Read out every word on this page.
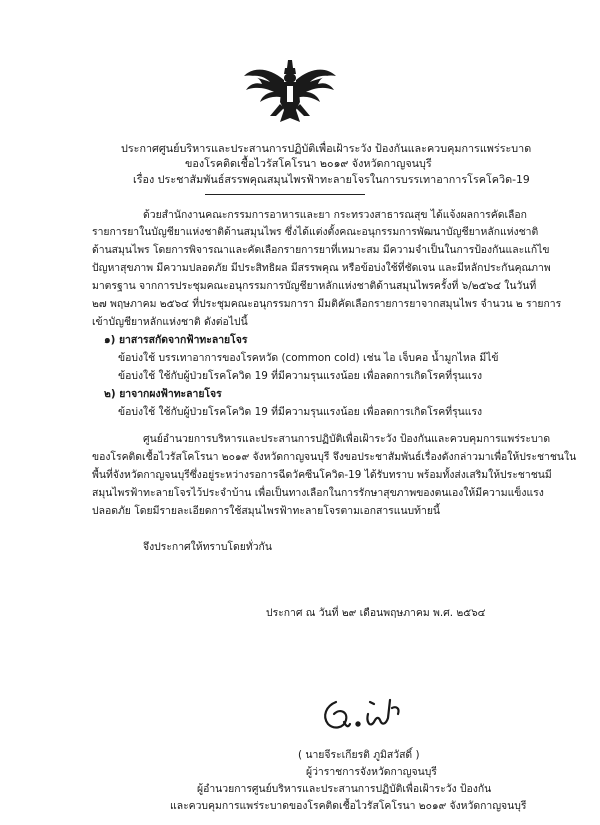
ประกาศศูนย์บริหารและประสานการปฏิบัติเพื่อเฝ้าระวัง ป้องกันและควบคุมการแพร่ระบาด
ของโรคติดเชื้อไวรัสโคโรนา ๒๐๑๙ จังหวัดกาญจนบุรี
เรื่อง ประชาสัมพันธ์สรรพคุณสมุนไพรฟ้าทะลายโจรในการบรรเทาอาการโรคโควิด-19
ด้วยสำนักงานคณะกรรมการอาหารและยา กระทรวงสาธารณสุข ได้แจ้งผลการคัดเลือก
รายการยาในบัญชียาแห่งชาติด้านสมุนไพร ซึ่งได้แต่งตั้งคณะอนุกรรมการพัฒนาบัญชียาหลักแห่งชาติ
ด้านสมุนไพร โดยการพิจารณาและคัดเลือกรายการยาที่เหมาะสม มีความจำเป็นในการป้องกันและแก้ไข
ปัญหาสุขภาพ มีความปลอดภัย มีประสิทธิผล มีสรรพคุณ หรือข้อบ่งใช้ที่ชัดเจน และมีหลักประกันคุณภาพ
มาตรฐาน จากการประชุมคณะอนุกรรมการบัญชียาหลักแห่งชาติด้านสมุนไพรครั้งที่ ๖/๒๕๖๔ ในวันที่
๒๗ พฤษภาคม ๒๕๖๔ ที่ประชุมคณะอนุกรรมการา มีมติคัดเลือกรายการยาจากสมุนไพร จำนวน ๒ รายการ
เข้าบัญชียาหลักแห่งชาติ ดังต่อไปนี้
๑) ยาสารสกัดจากฟ้าทะลายโจร
ข้อบ่งใช้ บรรเทาอาการของโรคหวัด (common cold) เช่น ไอ เจ็บคอ น้ำมูกไหล มีไข้
ข้อบ่งใช้ ใช้กับผู้ป่วยโรคโควิด 19 ที่มีความรุนแรงน้อย เพื่อลดการเกิดโรคที่รุนแรง
๒) ยาจากผงฟ้าทะลายโจร
ข้อบ่งใช้ ใช้กับผู้ป่วยโรคโควิด 19 ที่มีความรุนแรงน้อย เพื่อลดการเกิดโรคที่รุนแรง
ศูนย์อำนวยการบริหารและประสานการปฏิบัติเพื่อเฝ้าระวัง ป้องกันและควบคุมการแพร่ระบาด
ของโรคติดเชื้อไวรัสโคโรนา ๒๐๑๙ จังหวัดกาญจนบุรี จึงขอประชาสัมพันธ์เรื่องดังกล่าวมาเพื่อให้ประชาชนใน
พื้นที่จังหวัดกาญจนบุรีซึ่งอยู่ระหว่างรอการฉีดวัคซีนโควิด-19 ได้รับทราบ พร้อมทั้งส่งเสริมให้ประชาชนมี
สมุนไพรฟ้าทะลายโจรไว้ประจำบ้าน เพื่อเป็นทางเลือกในการรักษาสุขภาพของตนเองให้มีความแข็งแรง
ปลอดภัย โดยมีรายละเอียดการใช้สมุนไพรฟ้าทะลายโจรตามเอกสารแนบท้ายนี้
จึงประกาศให้ทราบโดยทั่วกัน
ประกาศ ณ วันที่ ๒๙ เดือนพฤษภาคม พ.ศ. ๒๕๖๔
( นายจีระเกียรติ ภูมิสวัสดิ์ )
ผู้ว่าราชการจังหวัดกาญจนบุรี
ผู้อำนวยการศูนย์บริหารและประสานการปฏิบัติเพื่อเฝ้าระวัง ป้องกัน
และควบคุมการแพร่ระบาดของโรคติดเชื้อไวรัสโคโรนา ๒๐๑๙ จังหวัดกาญจนบุรี
